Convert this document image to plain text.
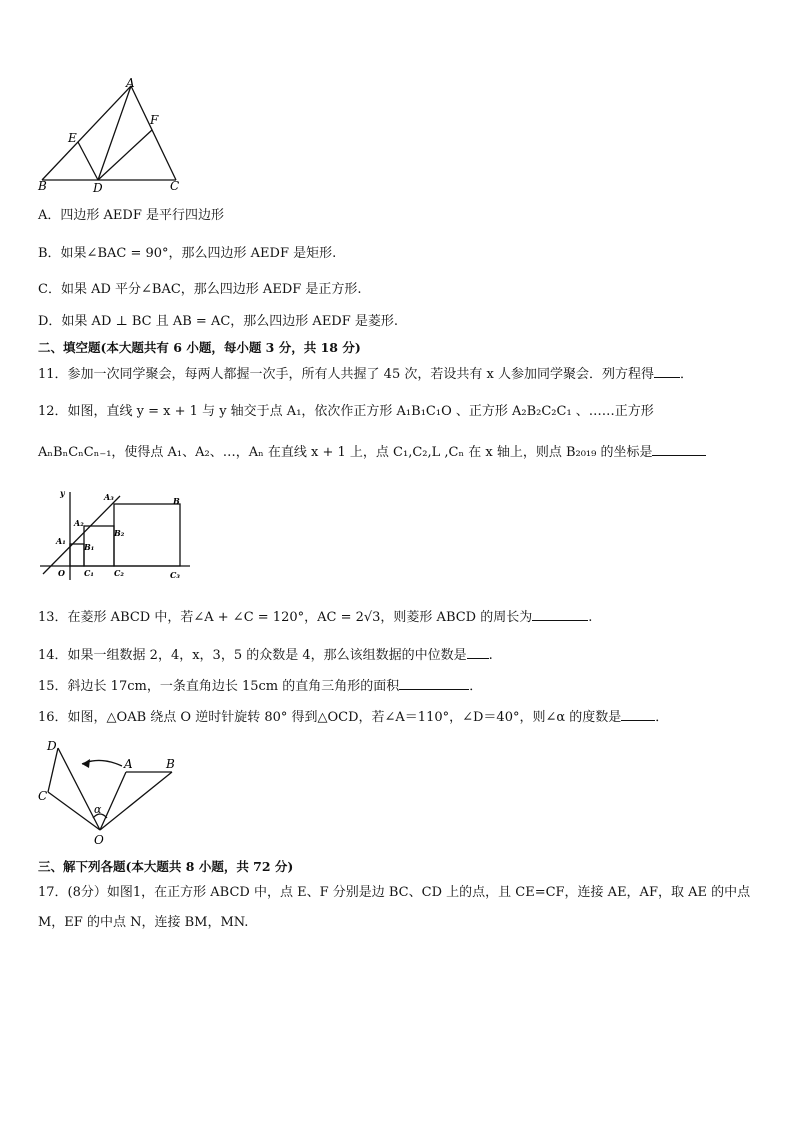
A
E
F
B	D	C
A．四边形 AEDF 是平行四边形
B．如果∠BAC = 90°，那么四边形 AEDF 是矩形.
C．如果 AD 平分∠BAC，那么四边形 AEDF 是正方形.
D．如果 AD ⊥ BC 且 AB = AC，那么四边形 AEDF 是菱形.
二、填空题(本大题共有 6 小题，每小题 3 分，共 18 分)
11．参加一次同学聚会，每两人都握一次手，所有人共握了 45 次，若设共有 x 人参加同学聚会．列方程得 ．
12．如图，直线 y = x + 1 与 y 轴交于点 A₁，依次作正方形 A₁B₁C₁O 、正方形 A₂B₂C₂C₁ 、……正方形
AₙBₙCₙCₙ₋₁，使得点 A₁、A₂、…，Aₙ 在直线 x + 1 上，点 C₁,C₂,L ,Cₙ 在 x 轴上，则点 B₂₀₁₉ 的坐标是
y	A₃	B
A₂
B₂
A₁
B₁
O C₁	C₂	C₃
13．在菱形 ABCD 中，若∠A + ∠C = 120°，AC = 2√3，则菱形 ABCD 的周长为	.
14．如果一组数据 2，4，x，3，5 的众数是 4，那么该组数据的中位数是 .
15．斜边长 17cm，一条直角边长 15cm 的直角三角形的面积	．
16．如图，△OAB 绕点 O 逆时针旋转 80° 得到△OCD，若∠A＝110°，∠D＝40°，则∠α 的度数是	．
D
A	B
C
α
O
三、解下列各题(本大题共 8 小题，共 72 分)
17．(8分）如图1，在正方形 ABCD 中，点 E、F 分别是边 BC、CD 上的点，且 CE=CF，连接 AE，AF，取 AE 的中点
M，EF 的中点 N，连接 BM，MN.
